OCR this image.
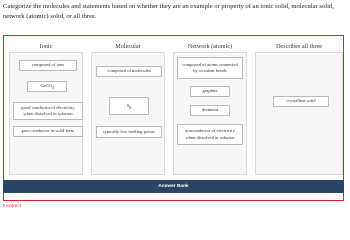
Categorize the molecules and statements based on whether they are an example or property of an ionic solid, molecular solid, network (atomic) solid, or all three.
Ionic	Molecular	Network (atomic)	Describes all three
composed of ions
CaCO$_3$
good conductor of electricity
when dissolved in solution
poor conductor in solid form
composed of molecules
$S_8$
typically low melting points
composed of atoms connected
by covalent bonds
graphite
diamond
nonconductor of electricity
when dissolved in solution
crystalline solid
Answer Bank
Incorrect
